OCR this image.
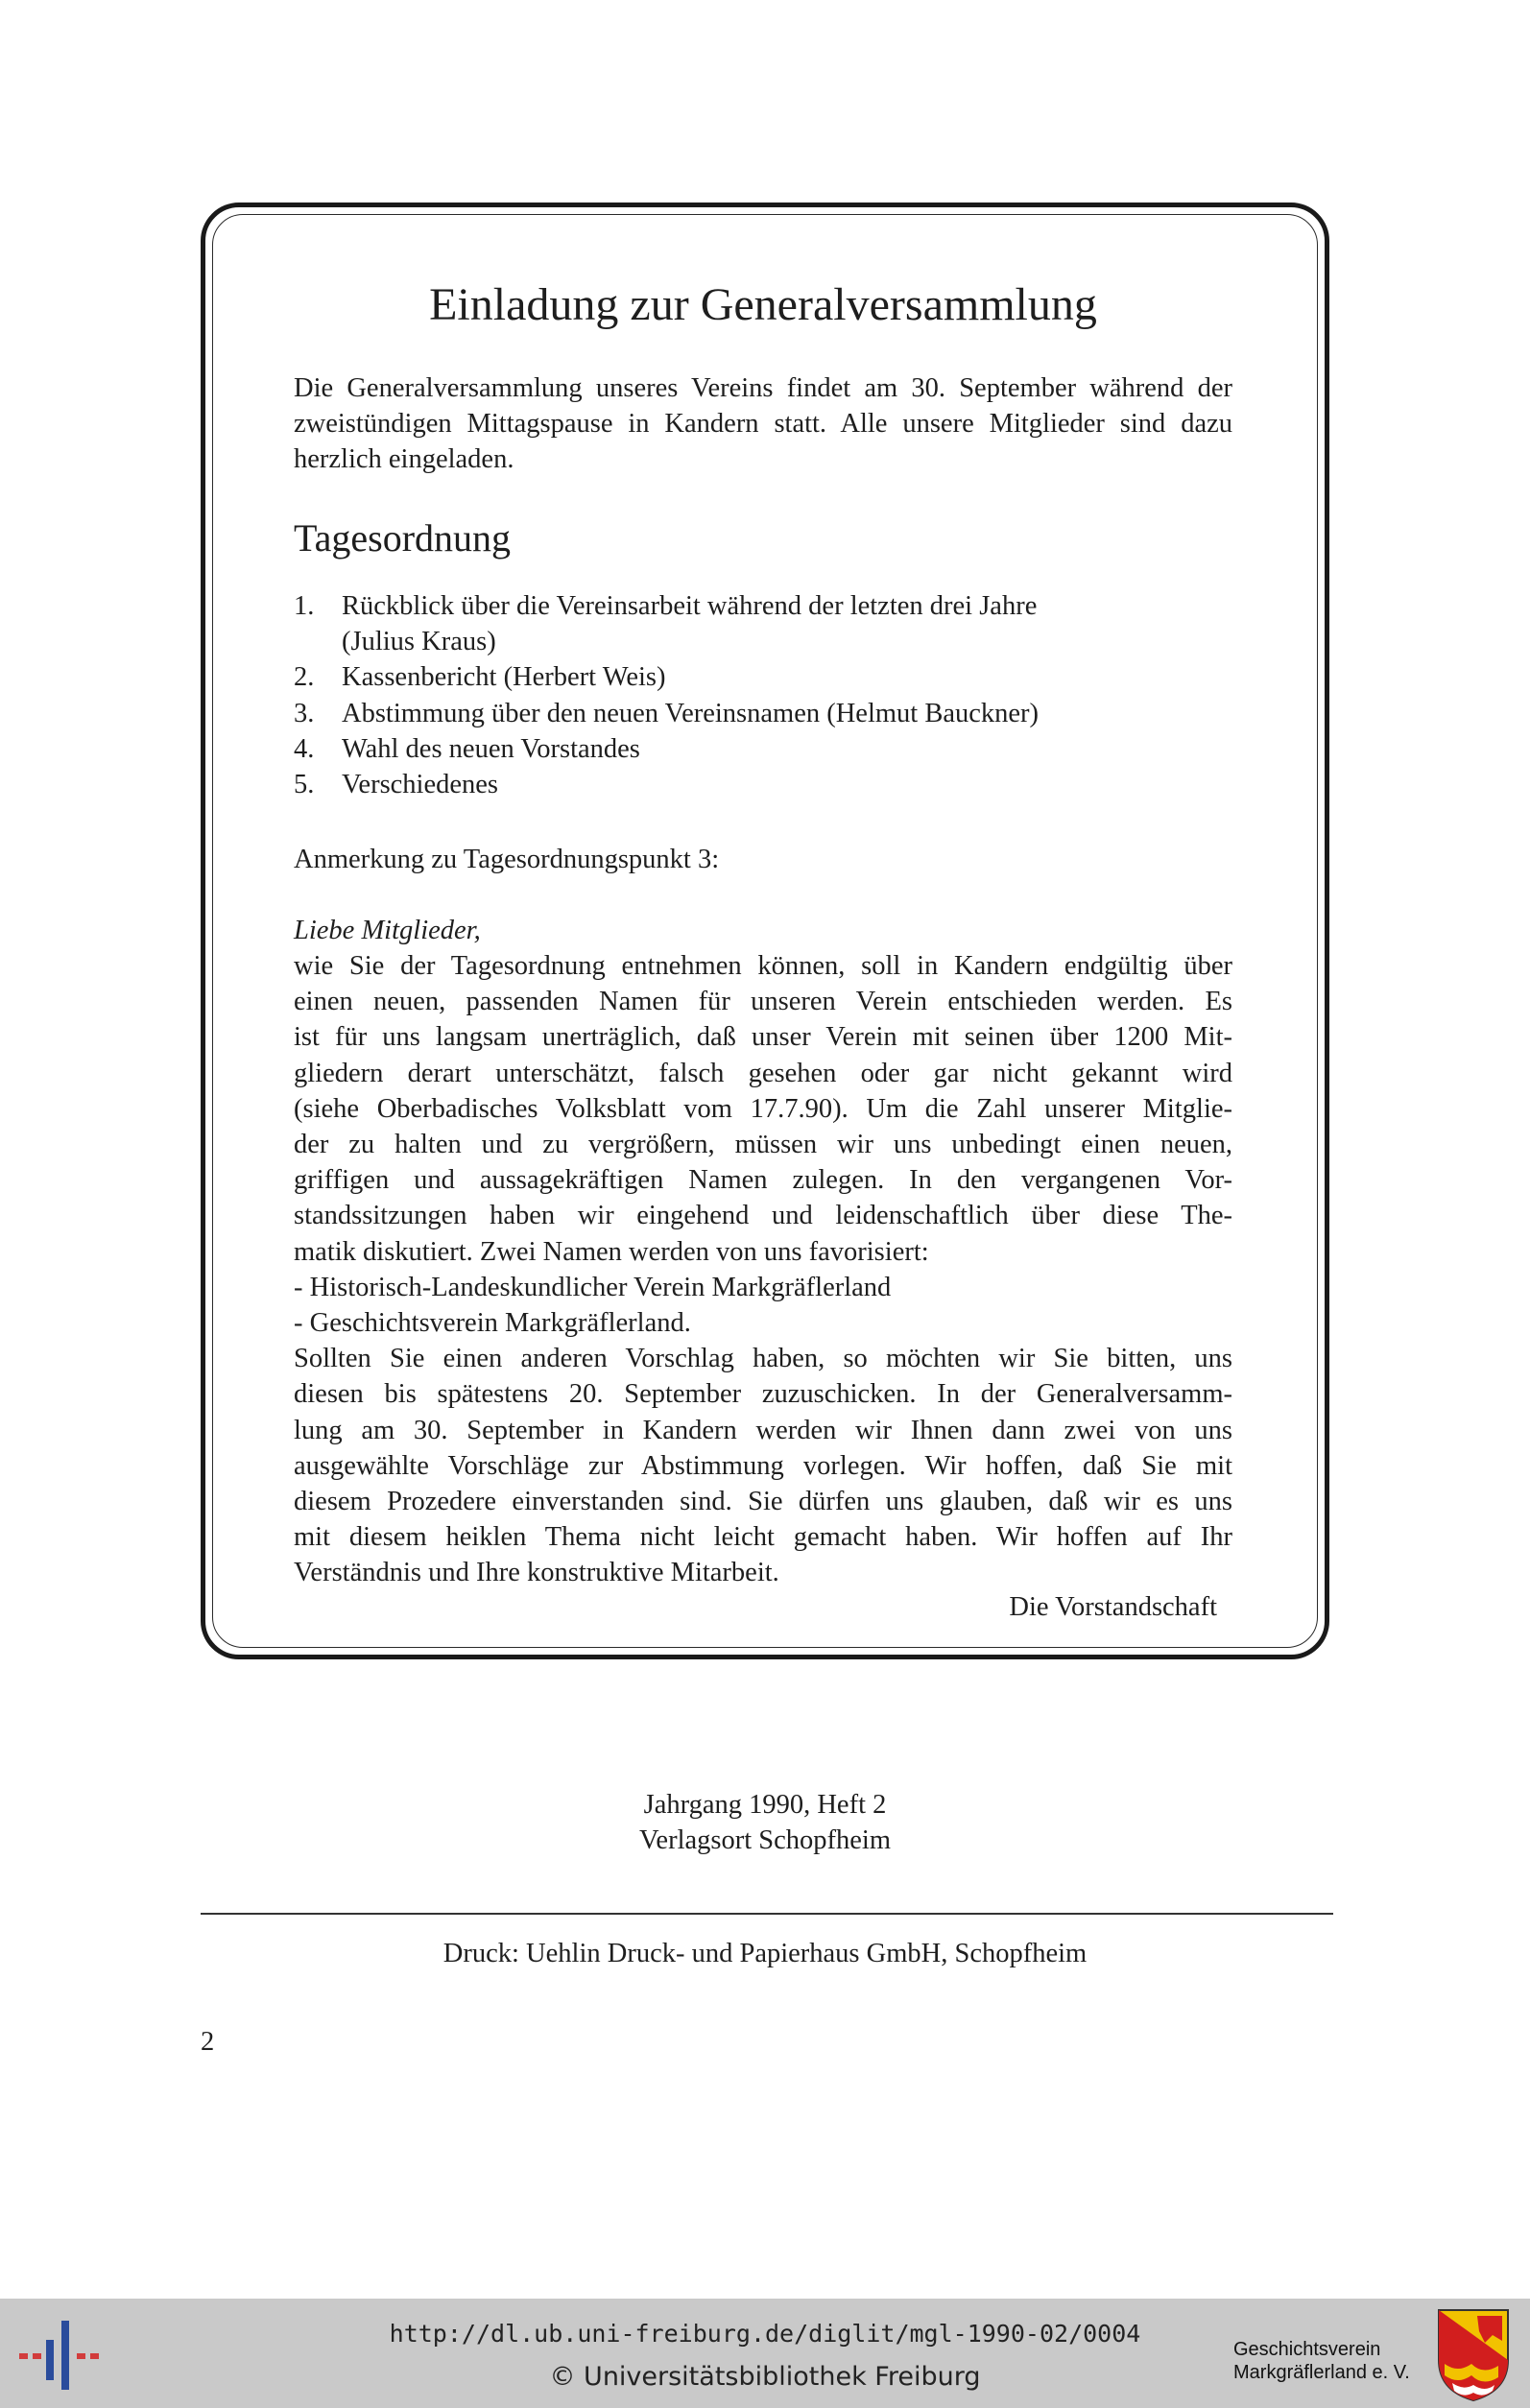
Einladung zur Generalversammlung

Die Generalversammlung unseres Vereins findet am 30. September während der zweistündigen Mittagspause in Kandern statt. Alle unsere Mitglieder sind dazu herzlich eingeladen.

Tagesordnung
1. Rückblick über die Vereinsarbeit während der letzten drei Jahre
(Julius Kraus)
2. Kassenbericht (Herbert Weis)
3. Abstimmung über den neuen Vereinsnamen (Helmut Bauckner)
4. Wahl des neuen Vorstandes
5. Verschiedenes

Anmerkung zu Tagesordnungspunkt 3:

Liebe Mitglieder,

wie Sie der Tagesordnung entnehmen können, soll in Kandern endgültig über
einen neuen, passenden Namen für unseren Verein entschieden werden. Es
ist für uns langsam unerträglich, daß unser Verein mit seinen über 1200 Mit-
gliedern derart unterschätzt, falsch gesehen oder gar nicht gekannt wird
(siehe Oberbadisches Volksblatt vom 17.7.90). Um die Zahl unserer Mitglie-
der zu halten und zu vergrößern, müssen wir uns unbedingt einen neuen,
griffigen und aussagekräftigen Namen zulegen. In den vergangenen Vor-
standssitzungen haben wir eingehend und leidenschaftlich über diese The-
matik diskutiert. Zwei Namen werden von uns favorisiert:
- Historisch-Landeskundlicher Verein Markgräflerland
- Geschichtsverein Markgräflerland.
Sollten Sie einen anderen Vorschlag haben, so möchten wir Sie bitten, uns
diesen bis spätestens 20. September zuzuschicken. In der Generalversamm-
lung am 30. September in Kandern werden wir Ihnen dann zwei von uns
ausgewählte Vorschläge zur Abstimmung vorlegen. Wir hoffen, daß Sie mit
diesem Prozedere einverstanden sind. Sie dürfen uns glauben, daß wir es uns
mit diesem heiklen Thema nicht leicht gemacht haben. Wir hoffen auf Ihr
Verständnis und Ihre konstruktive Mitarbeit.

Die Vorstandschaft

Jahrgang 1990, Heft 2

Verlagsort Schopfheim

Druck: Uehlin Druck- und Papierhaus GmbH, Schopfheim

2

http://dl.ub.uni-freiburg.de/diglit/mgl-1990-02/0004

© Universitätsbibliothek Freiburg

Geschichtsverein
Markgräflerland e. V.
